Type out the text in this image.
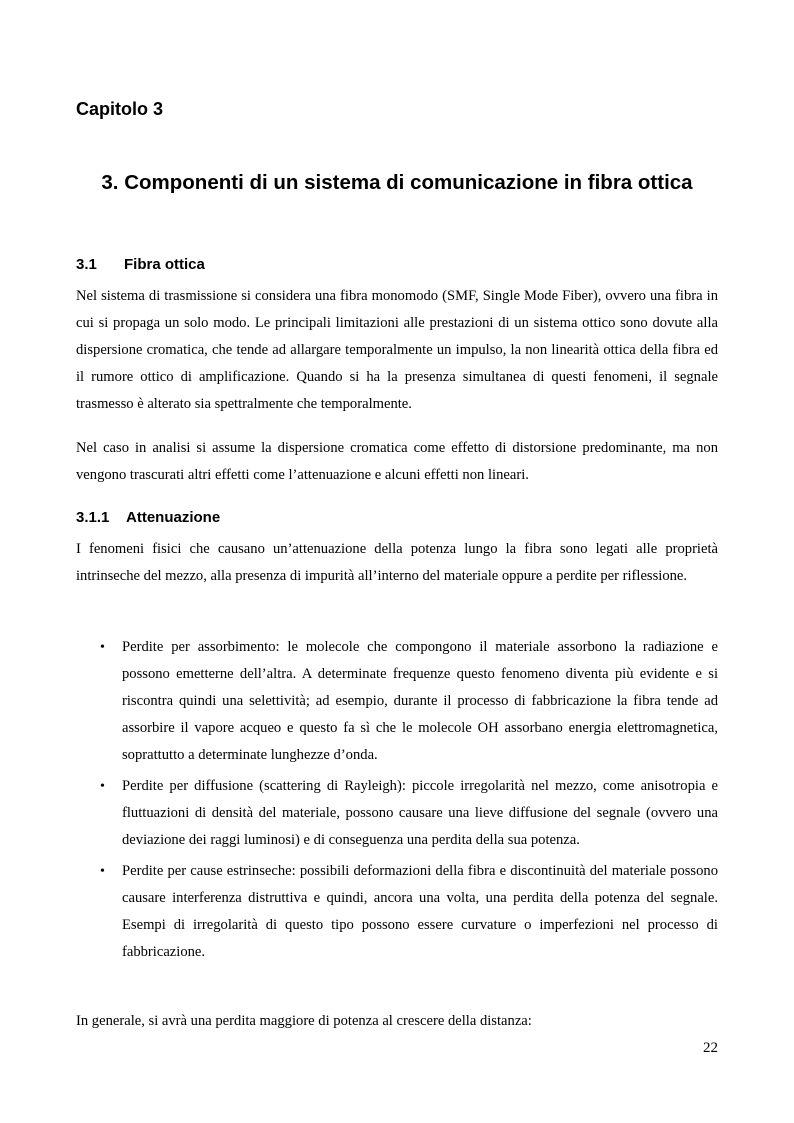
Capitolo 3
3. Componenti di un sistema di comunicazione in fibra ottica
3.1 Fibra ottica

Nel sistema di trasmissione si considera una fibra monomodo (SMF, Single Mode Fiber), ovvero una fibra in cui si propaga un solo modo. Le principali limitazioni alle prestazioni di un sistema ottico sono dovute alla dispersione cromatica, che tende ad allargare temporalmente un impulso, la non linearità ottica della fibra ed il rumore ottico di amplificazione. Quando si ha la presenza simultanea di questi fenomeni, il segnale trasmesso è alterato sia spettralmente che temporalmente.

Nel caso in analisi si assume la dispersione cromatica come effetto di distorsione predominante, ma non vengono trascurati altri effetti come l’attenuazione e alcuni effetti non lineari.

3.1.1 Attenuazione

I fenomeni fisici che causano un’attenuazione della potenza lungo la fibra sono legati alle proprietà intrinseche del mezzo, alla presenza di impurità all’interno del materiale oppure a perdite per riflessione.

• Perdite per assorbimento: le molecole che compongono il materiale assorbono la radiazione e possono emetterne dell’altra. A determinate frequenze questo fenomeno diventa più evidente e si riscontra quindi una selettività; ad esempio, durante il processo di fabbricazione la fibra tende ad assorbire il vapore acqueo e questo fa sì che le molecole OH assorbano energia elettromagnetica, soprattutto a determinate lunghezze d’onda.
• Perdite per diffusione (scattering di Rayleigh): piccole irregolarità nel mezzo, come anisotropia e fluttuazioni di densità del materiale, possono causare una lieve diffusione del segnale (ovvero una deviazione dei raggi luminosi) e di conseguenza una perdita della sua potenza.
• Perdite per cause estrinseche: possibili deformazioni della fibra e discontinuità del materiale possono causare interferenza distruttiva e quindi, ancora una volta, una perdita della potenza del segnale. Esempi di irregolarità di questo tipo possono essere curvature o imperfezioni nel processo di fabbricazione.

In generale, si avrà una perdita maggiore di potenza al crescere della distanza:

22
